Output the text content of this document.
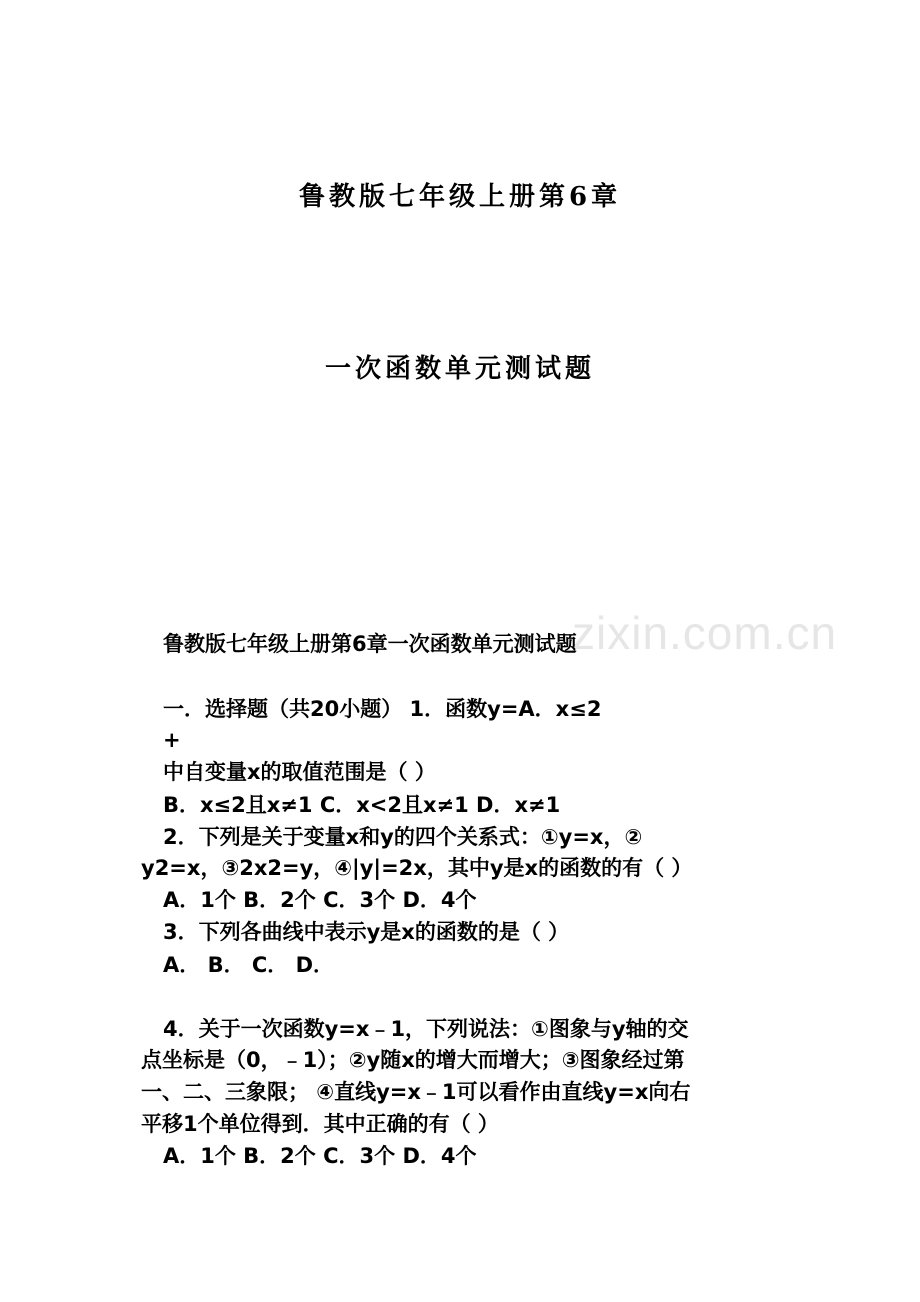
鲁教版七年级上册第6章
一次函数单元测试题
zixin.com.cn
鲁教版七年级上册第6章一次函数单元测试题
一．选择题（共20小题） 1．函数y=A．x≤2
+
中自变量x的取值范围是（ ）
B．x≤2且x≠1 C．x<2且x≠1 D．x≠1
2．下列是关于变量x和y的四个关系式：①y=x，②
y2=x，③2x2=y，④|y|=2x，其中y是x的函数的有（ ）
A．1个 B．2个 C．3个 D．4个
3．下列各曲线中表示y是x的函数的是（ ）
A． B． C． D．
4．关于一次函数y=x﹣1，下列说法：①图象与y轴的交
点坐标是（0，﹣1）；②y随x的增大而增大；③图象经过第
一、二、三象限； ④直线y=x﹣1可以看作由直线y=x向右
平移1个单位得到．其中正确的有（ ）
A．1个 B．2个 C．3个 D．4个
